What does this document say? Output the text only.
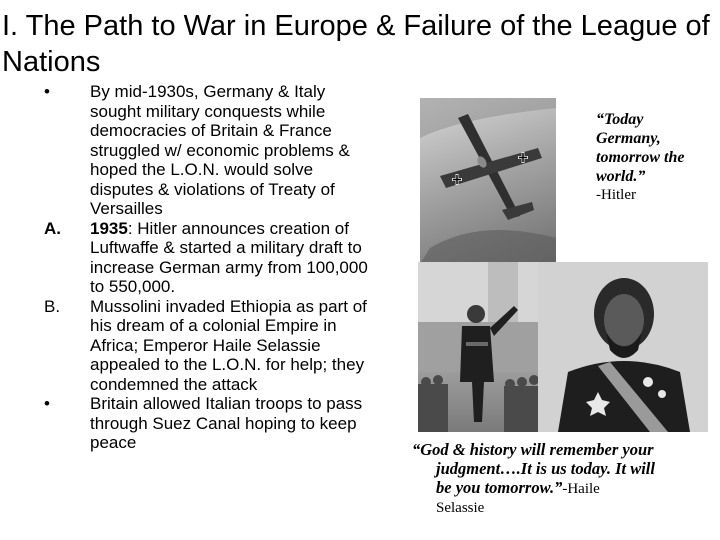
I. The Path to War in Europe & Failure of the League of Nations
•	By mid-1930s, Germany & Italy sought military conquests while democracies of Britain & France struggled w/ economic problems & hoped the L.O.N. would solve disputes & violations of Treaty of Versailles
A.	1935: Hitler announces creation of Luftwaffe & started a military draft to increase German army from 100,000 to 550,000.
B.	Mussolini invaded Ethiopia as part of his dream of a colonial Empire in Africa; Emperor Haile Selassie appealed to the L.O.N. for help; they condemned the attack
•	Britain allowed Italian troops to pass through Suez Canal hoping to keep peace
“Today Germany, tomorrow the world.”
-Hitler
“God & history will remember your
judgment….It is us today. It will
be you tomorrow.”-Haile
Selassie
